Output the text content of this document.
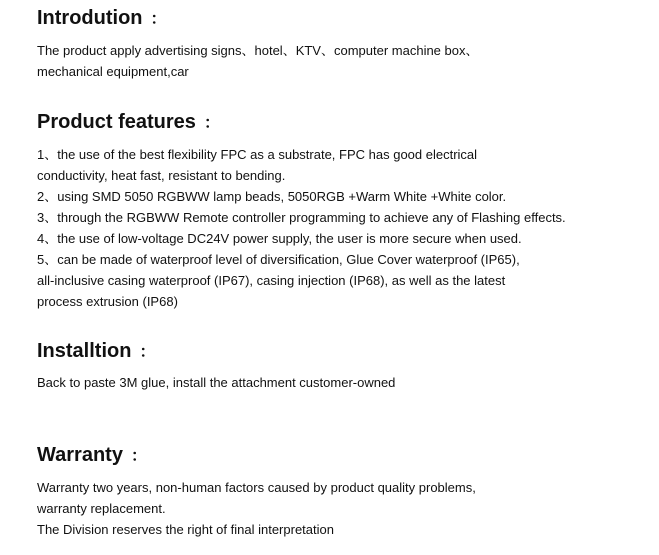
Introdution ：

The product apply advertising signs、hotel、KTV、computer machine box、
mechanical equipment,car

Product features ：

1、the use of the best flexibility FPC as a substrate, FPC has good electrical
conductivity, heat fast, resistant to bending.
2、using SMD 5050 RGBWW lamp beads, 5050RGB +Warm White +White color.
3、through the RGBWW Remote controller programming to achieve any of Flashing effects.
4、the use of low-voltage DC24V power supply, the user is more secure when used.
5、can be made of waterproof level of diversification, Glue Cover waterproof (IP65),
all-inclusive casing waterproof (IP67), casing injection (IP68), as well as the latest
process extrusion (IP68)

Installtion ：

Back to paste 3M glue, install the attachment customer-owned

Warranty ：

Warranty two years, non-human factors caused by product quality problems,
warranty replacement.
The Division reserves the right of final interpretation
